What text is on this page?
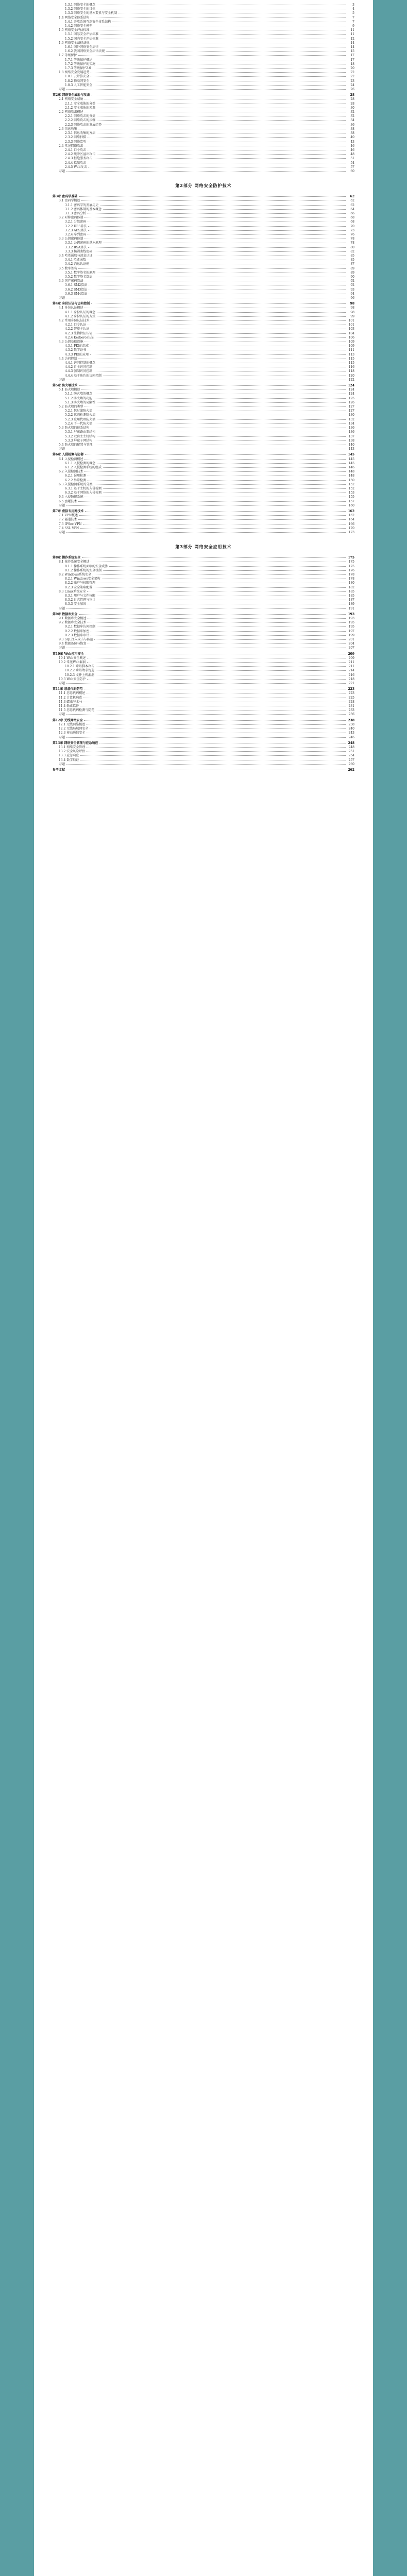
1.3.1 网络安全的概念	3
1.3.2 网络安全的目标	4
1.3.3 网络安全的基本要素与安全机制	5
1.4 网络安全体系结构	7
1.4.1 开放系统互连安全体系结构	7
1.4.2 网络安全模型	9
1.5 网络安全评估标准	11
1.5.1 国际安全评估标准	11
1.5.2 国内安全评估标准	12
1.6 网络安全法律法规	14
1.6.1 国外网络安全法律	14
1.6.2 我国网络安全法律法规	15
1.7 等级保护	17
1.7.1 等级保护概述	17
1.7.2 等级保护的实施	18
1.7.3 等级保护2.0	20
1.8 网络安全发展趋势	22
1.8.1 云计算安全	22
1.8.2 物联网安全	23
1.8.3 人工智能安全	24
习题	26
第2章 网络安全威胁与攻击	28
2.1 网络安全威胁	28
2.1.1 安全威胁的分类	28
2.1.2 安全威胁的来源	30
2.2 网络攻击概述	32
2.2.1 网络攻击的分类	32
2.2.2 网络攻击的步骤	34
2.2.3 网络攻击的发展趋势	36
2.3 信息收集	38
2.3.1 信息收集的方法	38
2.3.2 网络扫描	40
2.3.3 网络监听	43
2.4 常见网络攻击	46
2.4.1 口令攻击	46
2.4.2 缓冲区溢出攻击	48
2.4.3 拒绝服务攻击	51
2.4.4 欺骗攻击	54
2.4.5 Web攻击	57
习题	60
第2部分 网络安全防护技术
第3章 密码学基础	62
3.1 密码学概述	62
3.1.1 密码学的发展历史	62
3.1.2 密码体制的基本概念	64
3.1.3 密码分析	66
3.2 对称密码体制	68
3.2.1 分组密码	68
3.2.2 DES算法	70
3.2.3 AES算法	73
3.2.4 序列密码	76
3.3 公钥密码体制	78
3.3.1 公钥密码的基本原理	78
3.3.2 RSA算法	80
3.3.3 椭圆曲线密码	82
3.4 哈希函数与消息认证	85
3.4.1 哈希函数	85
3.4.2 消息认证码	87
3.5 数字签名	89
3.5.1 数字签名的原理	89
3.5.2 数字签名算法	90
3.6 国产密码算法	92
3.6.1 SM2算法	92
3.6.2 SM3算法	93
3.6.3 SM4算法	94
习题	96
第4章 身份认证与访问控制	98
4.1 身份认证概述	98
4.1.1 身份认证的概念	98
4.1.2 身份认证的方式	99
4.2 常用身份认证技术	101
4.2.1 口令认证	101
4.2.2 智能卡认证	103
4.2.3 生物特征认证	104
4.2.4 Kerberos认证	106
4.3 公钥基础设施	109
4.3.1 PKI的组成	109
4.3.2 数字证书	111
4.3.3 PKI的应用	113
4.4 访问控制	115
4.4.1 访问控制的概念	115
4.4.2 自主访问控制	116
4.4.3 强制访问控制	118
4.4.4 基于角色的访问控制	120
习题	122
第5章 防火墙技术	124
5.1 防火墙概述	124
5.1.1 防火墙的概念	124
5.1.2 防火墙的功能	125
5.1.3 防火墙的局限性	126
5.2 防火墙的类型	127
5.2.1 包过滤防火墙	127
5.2.2 状态检测防火墙	130
5.2.3 应用代理防火墙	132
5.2.4 下一代防火墙	134
5.3 防火墙的体系结构	136
5.3.1 屏蔽路由器结构	136
5.3.2 双宿主主机结构	137
5.3.3 屏蔽子网结构	138
5.4 防火墙的配置与管理	140
习题	143
第6章 入侵检测与防御	145
6.1 入侵检测概述	145
6.1.1 入侵检测的概念	145
6.1.2 入侵检测系统的组成	146
6.2 入侵检测技术	148
6.2.1 误用检测	148
6.2.2 异常检测	150
6.3 入侵检测系统的分类	152
6.3.1 基于主机的入侵检测	152
6.3.2 基于网络的入侵检测	153
6.4 入侵防御系统	155
6.5 蜜罐技术	157
习题	160
第7章 虚拟专用网技术	162
7.1 VPN概述	162
7.2 隧道技术	164
7.3 IPSec VPN	166
7.4 SSL VPN	170
习题	173
第3部分 网络安全应用技术
第8章 操作系统安全	175
8.1 操作系统安全概述	175
8.1.1 操作系统面临的安全威胁	175
8.1.2 操作系统的安全机制	176
8.2 Windows系统安全	178
8.2.1 Windows安全架构	178
8.2.2 账户与权限管理	180
8.2.3 安全策略配置	182
8.3 Linux系统安全	185
8.3.1 用户与文件权限	185
8.3.2 日志管理与审计	187
8.3.3 安全加固	189
习题	191
第9章 数据库安全	193
9.1 数据库安全概述	193
9.2 数据库安全技术	195
9.2.1 数据库访问控制	195
9.2.2 数据库加密	197
9.2.3 数据库审计	199
9.3 SQL注入攻击与防范	201
9.4 数据备份与恢复	204
习题	207
第10章 Web应用安全	209
10.1 Web安全概述	209
10.2 常见Web漏洞	211
10.2.1 跨站脚本攻击	211
10.2.2 跨站请求伪造	214
10.2.3 文件上传漏洞	216
10.3 Web安全防护	218
习题	221
第11章 恶意代码防范	223
11.1 恶意代码概述	223
11.2 计算机病毒	225
11.3 蠕虫与木马	228
11.4 勒索软件	231
11.5 恶意代码检测与防范	233
习题	236
第12章 无线网络安全	238
12.1 无线网络概述	238
12.2 无线局域网安全	240
12.3 移动通信安全	243
习题	246
第13章 网络安全管理与应急响应	248
13.1 网络安全管理	248
13.2 安全风险评估	251
13.3 应急响应	254
13.4 数字取证	257
习题	260
参考文献	262
